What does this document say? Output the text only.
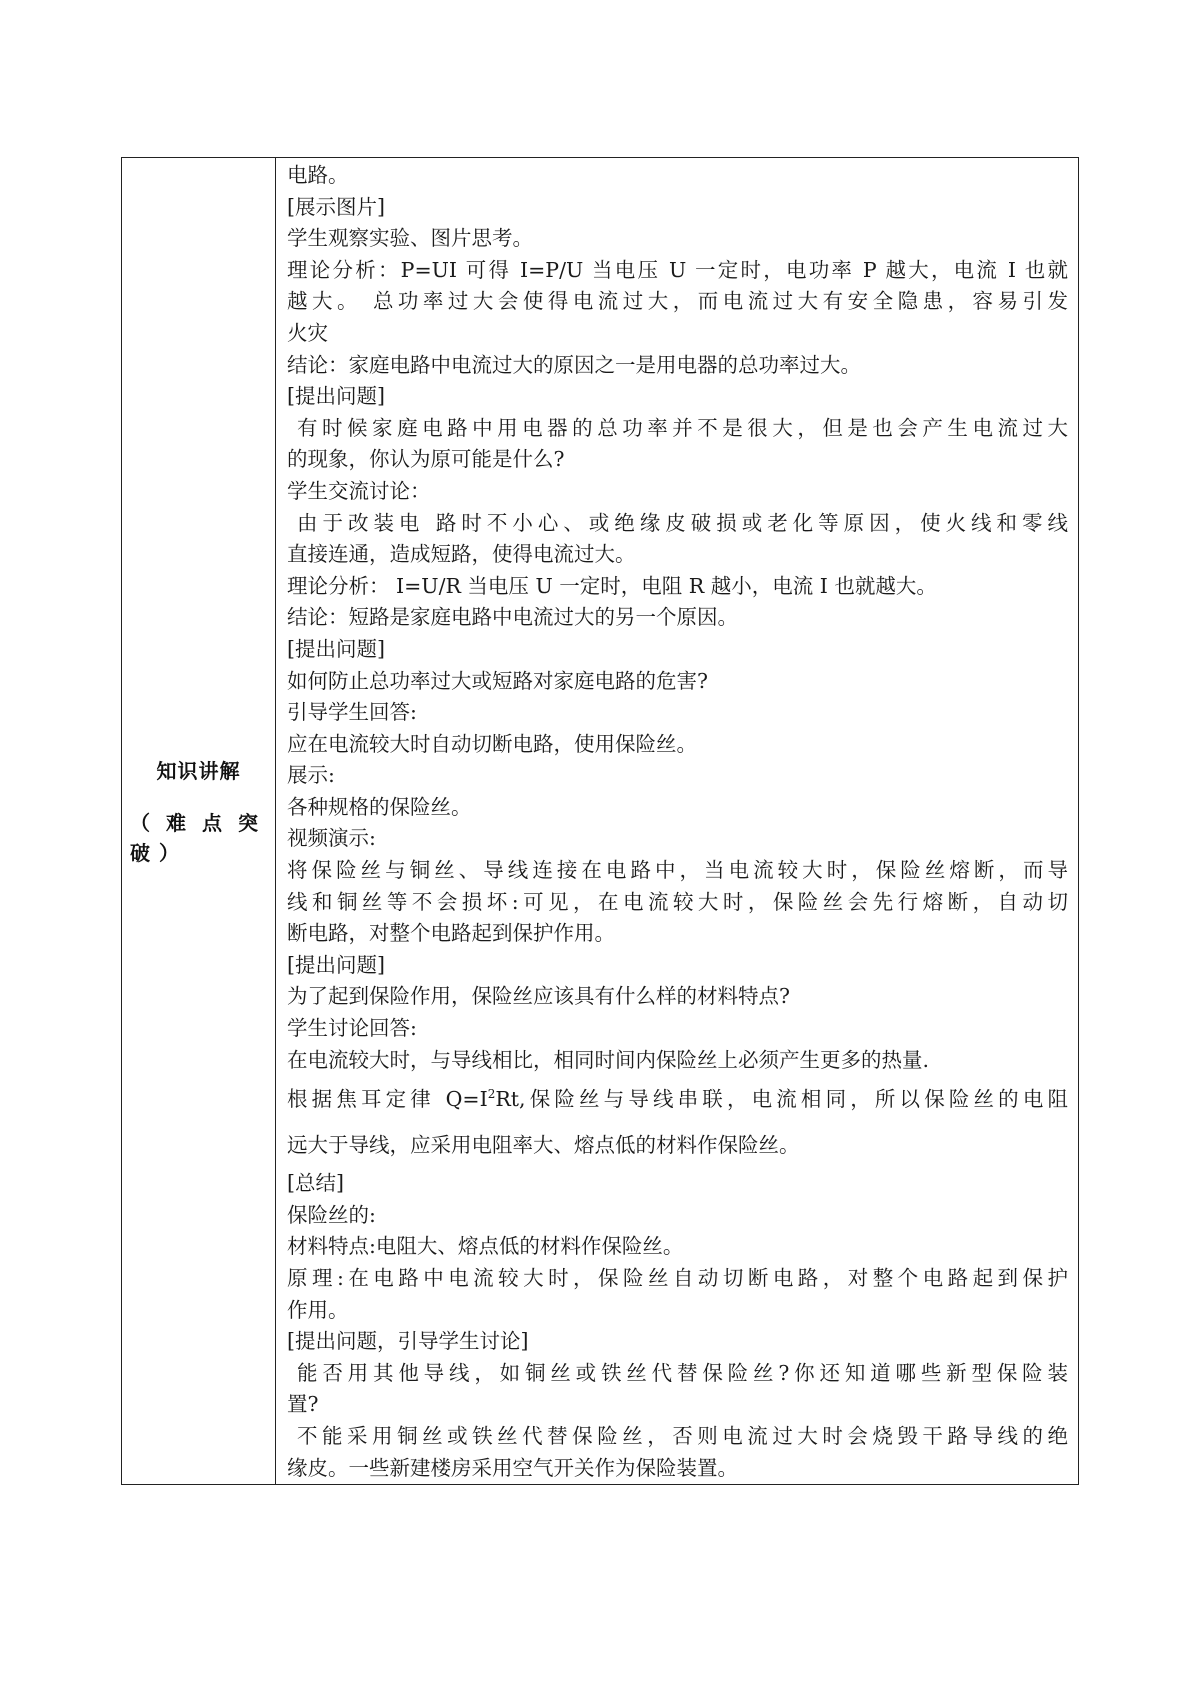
知识讲解
（难点突破）

电路。
[展示图片]
学生观察实验、图片思考。
理论分析：P=UI 可得 I=P/U 当电压 U 一定时，电功率 P 越大，电流 I 也就
越大。 总功率过大会使得电流过大，而电流过大有安全隐患，容易引发
火灾
结论：家庭电路中电流过大的原因之一是用电器的总功率过大。
[提出问题]
有时候家庭电路中用电器的总功率并不是很大，但是也会产生电流过大
的现象，你认为原可能是什么?
学生交流讨论：
由于改装电 路时不小心、或绝缘皮破损或老化等原因，使火线和零线
直接连通，造成短路，使得电流过大。
理论分析： I=U/R 当电压 U 一定时，电阻 R 越小，电流 I 也就越大。
结论：短路是家庭电路中电流过大的另一个原因。
[提出问题]
如何防止总功率过大或短路对家庭电路的危害?
引导学生回答:
应在电流较大时自动切断电路，使用保险丝。
展示:
各种规格的保险丝。
视频演示:
将保险丝与铜丝、导线连接在电路中，当电流较大时，保险丝熔断，而导
线和铜丝等不会损坏:可见，在电流较大时，保险丝会先行熔断，自动切
断电路，对整个电路起到保护作用。
[提出问题]
为了起到保险作用，保险丝应该具有什么样的材料特点?
学生讨论回答:
在电流较大时，与导线相比，相同时间内保险丝上必须产生更多的热量.
根据焦耳定律 $Q=I^2Rt$,保险丝与导线串联，电流相同，所以保险丝的电阻
远大于导线，应采用电阻率大、熔点低的材料作保险丝。
[总结]
保险丝的:
材料特点:电阻大、熔点低的材料作保险丝。
原理:在电路中电流较大时，保险丝自动切断电路，对整个电路起到保护
作用。
[提出问题，引导学生讨论]
能否用其他导线，如铜丝或铁丝代替保险丝?你还知道哪些新型保险装
置?
不能采用铜丝或铁丝代替保险丝，否则电流过大时会烧毁干路导线的绝
缘皮。一些新建楼房采用空气开关作为保险装置。
